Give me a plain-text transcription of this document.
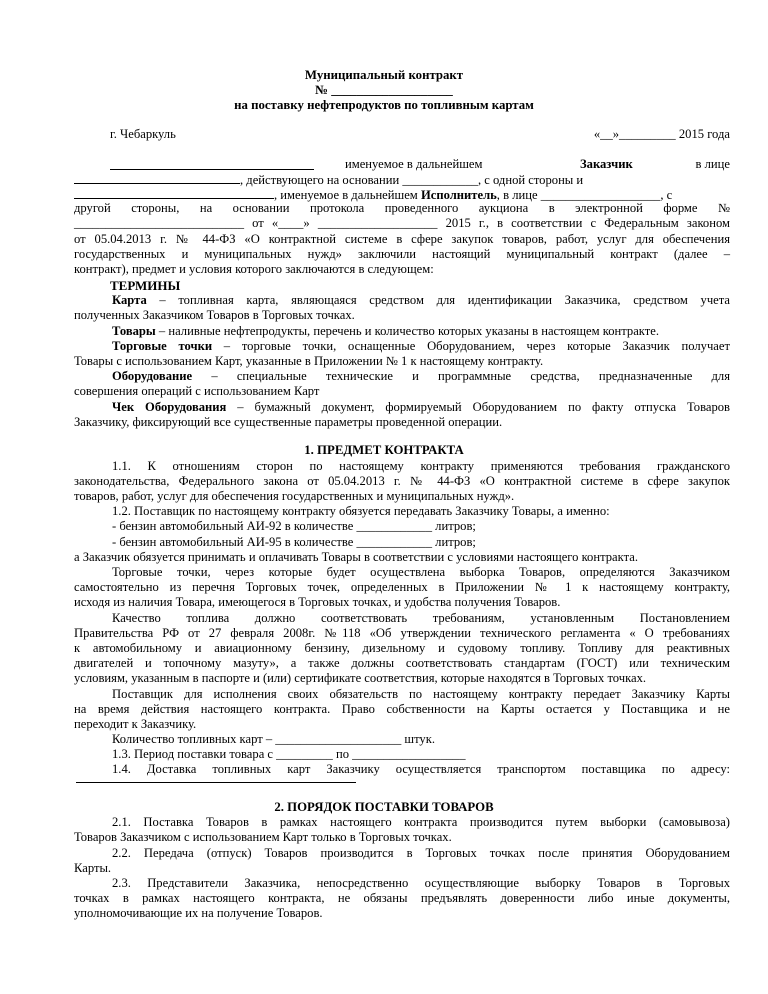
Муниципальный контракт
№ ___________________
на поставку нефтепродуктов по топливным картам
г. Чебаркуль	«__»_________ 2015 года
именуемое в дальнейшем	Заказчик	в лице
, действующего на основании ____________, с одной стороны и
, именуемое в дальнейшем Исполнитель, в лице ___________________, с
другой стороны, на основании протокола проведенного аукциона в электронной форме №
___________________________ от «____» ___________________ 2015 г., в соответствии с Федеральным законом
от 05.04.2013 г. № 44-ФЗ «О контрактной системе в сфере закупок товаров, работ, услуг для обеспечения
государственных и муниципальных нужд» заключили настоящий муниципальный контракт (далее –
контракт), предмет и условия которого заключаются в следующем:
ТЕРМИНЫ
Карта – топливная карта, являющаяся средством для идентификации Заказчика, средством учета
полученных Заказчиком Товаров в Торговых точках.
Товары – наливные нефтепродукты, перечень и количество которых указаны в настоящем контракте.
Торговые точки – торговые точки, оснащенные Оборудованием, через которые Заказчик получает
Товары с использованием Карт, указанные в Приложении № 1 к настоящему контракту.
Оборудование – специальные технические и программные средства, предназначенные для
совершения операций с использованием Карт
Чек Оборудования – бумажный документ, формируемый Оборудованием по факту отпуска Товаров
Заказчику, фиксирующий все существенные параметры проведенной операции.
1. ПРЕДМЕТ КОНТРАКТА
1.1. К отношениям сторон по настоящему контракту применяются требования гражданского
законодательства, Федерального закона от 05.04.2013 г. № 44-ФЗ «О контрактной системе в сфере закупок
товаров, работ, услуг для обеспечения государственных и муниципальных нужд».
1.2. Поставщик по настоящему контракту обязуется передавать Заказчику Товары, а именно:
- бензин автомобильный АИ-92 в количестве ____________ литров;
- бензин автомобильный АИ-95 в количестве ____________ литров;
а Заказчик обязуется принимать и оплачивать Товары в соответствии с условиями настоящего контракта.
Торговые точки, через которые будет осуществлена выборка Товаров, определяются Заказчиком
самостоятельно из перечня Торговых точек, определенных в Приложении № 1 к настоящему контракту,
исходя из наличия Товара, имеющегося в Торговых точках, и удобства получения Товаров.
Качество топлива должно соответствовать требованиям, установленным Постановлением
Правительства РФ от 27 февраля 2008г. №118 «Об утверждении технического регламента « О требованиях
к автомобильному и авиационному бензину, дизельному и судовому топливу. Топливу для реактивных
двигателей и топочному мазуту», а также должны соответствовать стандартам (ГОСТ) или техническим
условиям, указанным в паспорте и (или) сертификате соответствия, которые находятся в Торговых точках.
Поставщик для исполнения своих обязательств по настоящему контракту передает Заказчику Карты
на время действия настоящего контракта. Право собственности на Карты остается у Поставщика и не
переходит к Заказчику.
Количество топливных карт – ____________________ штук.
1.3. Период поставки товара с _________ по __________________
1.4. Доставка топливных карт Заказчику осуществляется транспортом поставщика по адресу:
2. ПОРЯДОК ПОСТАВКИ ТОВАРОВ
2.1. Поставка Товаров в рамках настоящего контракта производится путем выборки (самовывоза)
Товаров Заказчиком с использованием Карт только в Торговых точках.
2.2. Передача (отпуск) Товаров производится в Торговых точках после принятия Оборудованием
Карты.
2.3. Представители Заказчика, непосредственно осуществляющие выборку Товаров в Торговых
точках в рамках настоящего контракта, не обязаны предъявлять доверенности либо иные документы,
уполномочивающие их на получение Товаров.
